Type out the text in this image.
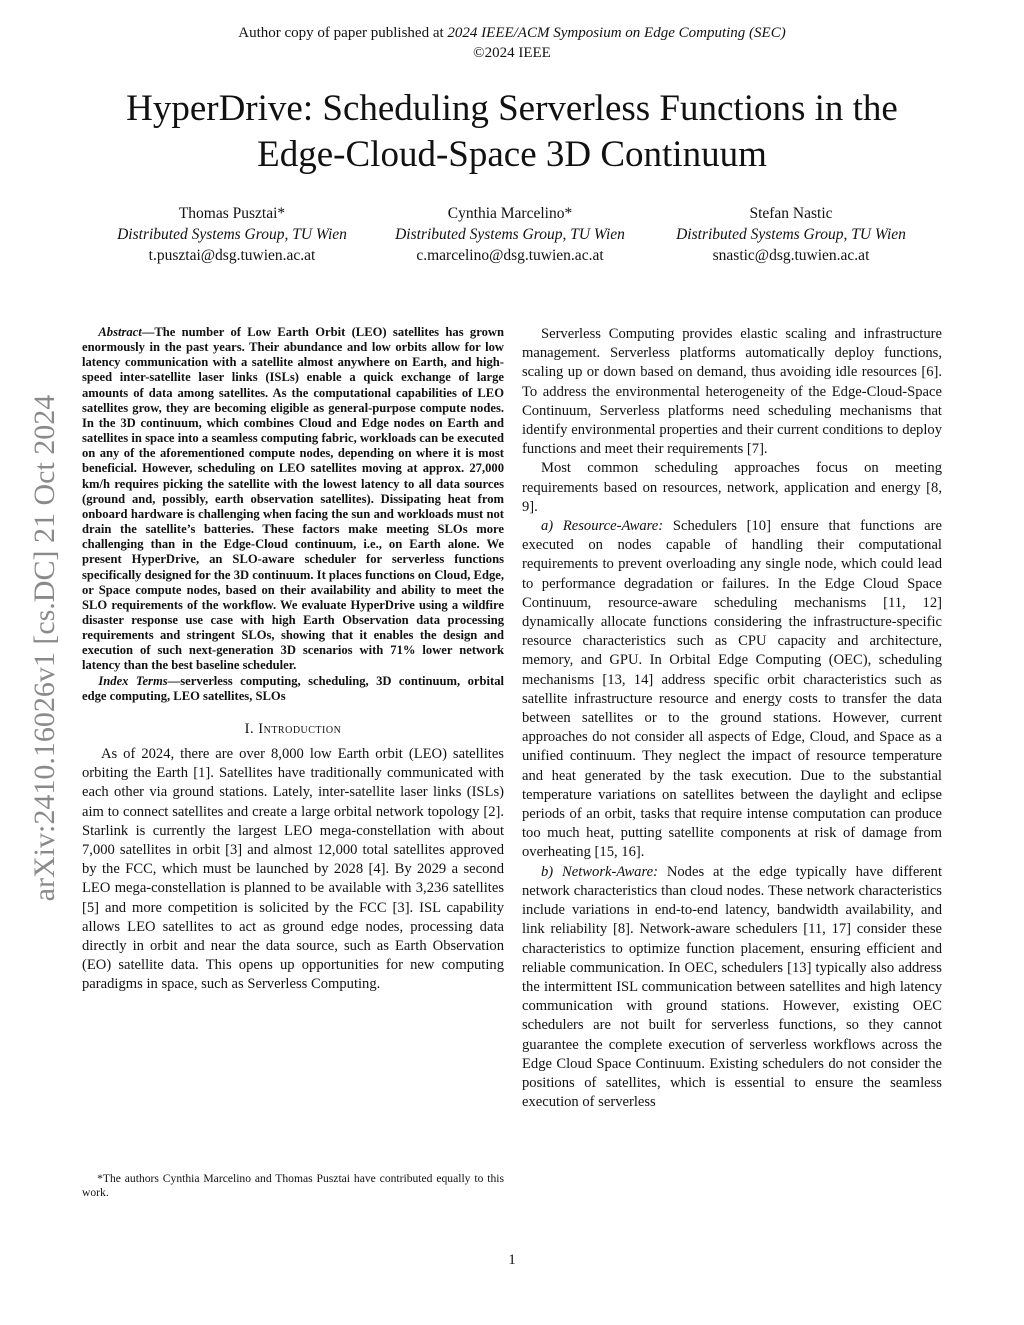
Author copy of paper published at 2024 IEEE/ACM Symposium on Edge Computing (SEC)
©2024 IEEE
HyperDrive: Scheduling Serverless Functions in the
Edge-Cloud-Space 3D Continuum
Thomas Pusztai*
Distributed Systems Group, TU Wien
t.pusztai@dsg.tuwien.ac.at
Cynthia Marcelino*
Distributed Systems Group, TU Wien
c.marcelino@dsg.tuwien.ac.at
Stefan Nastic
Distributed Systems Group, TU Wien
snastic@dsg.tuwien.ac.at
arXiv:2410.16026v1 [cs.DC] 21 Oct 2024

Abstract—The number of Low Earth Orbit (LEO) satellites has grown enormously in the past years. Their abundance and low orbits allow for low latency communication with a satellite almost anywhere on Earth, and high-speed inter-satellite laser links (ISLs) enable a quick exchange of large amounts of data among satellites. As the computational capabilities of LEO satellites grow, they are becoming eligible as general-purpose compute nodes. In the 3D continuum, which combines Cloud and Edge nodes on Earth and satellites in space into a seamless computing fabric, workloads can be executed on any of the aforementioned compute nodes, depending on where it is most beneficial. However, scheduling on LEO satellites moving at approx. 27,000 km/h requires picking the satellite with the lowest latency to all data sources (ground and, possibly, earth observation satellites). Dissipating heat from onboard hardware is challenging when facing the sun and workloads must not drain the satellite’s batteries. These factors make meeting SLOs more challenging than in the Edge-Cloud continuum, i.e., on Earth alone. We present HyperDrive, an SLO-aware scheduler for serverless functions specifically designed for the 3D continuum. It places functions on Cloud, Edge, or Space compute nodes, based on their availability and ability to meet the SLO requirements of the workflow. We evaluate HyperDrive using a wildfire disaster response use case with high Earth Observation data processing requirements and stringent SLOs, showing that it enables the design and execution of such next-generation 3D scenarios with 71% lower network latency than the best baseline scheduler.

Index Terms—serverless computing, scheduling, 3D continuum, orbital edge computing, LEO satellites, SLOs

I. Introduction

As of 2024, there are over 8,000 low Earth orbit (LEO) satellites orbiting the Earth [1]. Satellites have traditionally communicated with each other via ground stations. Lately, inter-satellite laser links (ISLs) aim to connect satellites and create a large orbital network topology [2]. Starlink is currently the largest LEO mega-constellation with about 7,000 satellites in orbit [3] and almost 12,000 total satellites approved by the FCC, which must be launched by 2028 [4]. By 2029 a second LEO mega-constellation is planned to be available with 3,236 satellites [5] and more competition is solicited by the FCC [3]. ISL capability allows LEO satellites to act as ground edge nodes, processing data directly in orbit and near the data source, such as Earth Observation (EO) satellite data. This opens up opportunities for new computing paradigms in space, such as Serverless Computing.

*The authors Cynthia Marcelino and Thomas Pusztai have contributed equally to this work.

Serverless Computing provides elastic scaling and infrastructure management. Serverless platforms automatically deploy functions, scaling up or down based on demand, thus avoiding idle resources [6]. To address the environmental heterogeneity of the Edge-Cloud-Space Continuum, Serverless platforms need scheduling mechanisms that identify environmental properties and their current conditions to deploy functions and meet their requirements [7].

Most common scheduling approaches focus on meeting requirements based on resources, network, application and energy [8, 9].

a) Resource-Aware: Schedulers [10] ensure that functions are executed on nodes capable of handling their computational requirements to prevent overloading any single node, which could lead to performance degradation or failures. In the Edge Cloud Space Continuum, resource-aware scheduling mechanisms [11, 12] dynamically allocate functions considering the infrastructure-specific resource characteristics such as CPU capacity and architecture, memory, and GPU. In Orbital Edge Computing (OEC), scheduling mechanisms [13, 14] address specific orbit characteristics such as satellite infrastructure resource and energy costs to transfer the data between satellites or to the ground stations. However, current approaches do not consider all aspects of Edge, Cloud, and Space as a unified continuum. They neglect the impact of resource temperature and heat generated by the task execution. Due to the substantial temperature variations on satellites between the daylight and eclipse periods of an orbit, tasks that require intense computation can produce too much heat, putting satellite components at risk of damage from overheating [15, 16].

b) Network-Aware: Nodes at the edge typically have different network characteristics than cloud nodes. These network characteristics include variations in end-to-end latency, bandwidth availability, and link reliability [8]. Network-aware schedulers [11, 17] consider these characteristics to optimize function placement, ensuring efficient and reliable communication. In OEC, schedulers [13] typically also address the intermittent ISL communication between satellites and high latency communication with ground stations. However, existing OEC schedulers are not built for serverless functions, so they cannot guarantee the complete execution of serverless workflows across the Edge Cloud Space Continuum. Existing schedulers do not consider the positions of satellites, which is essential to ensure the seamless execution of serverless

1
